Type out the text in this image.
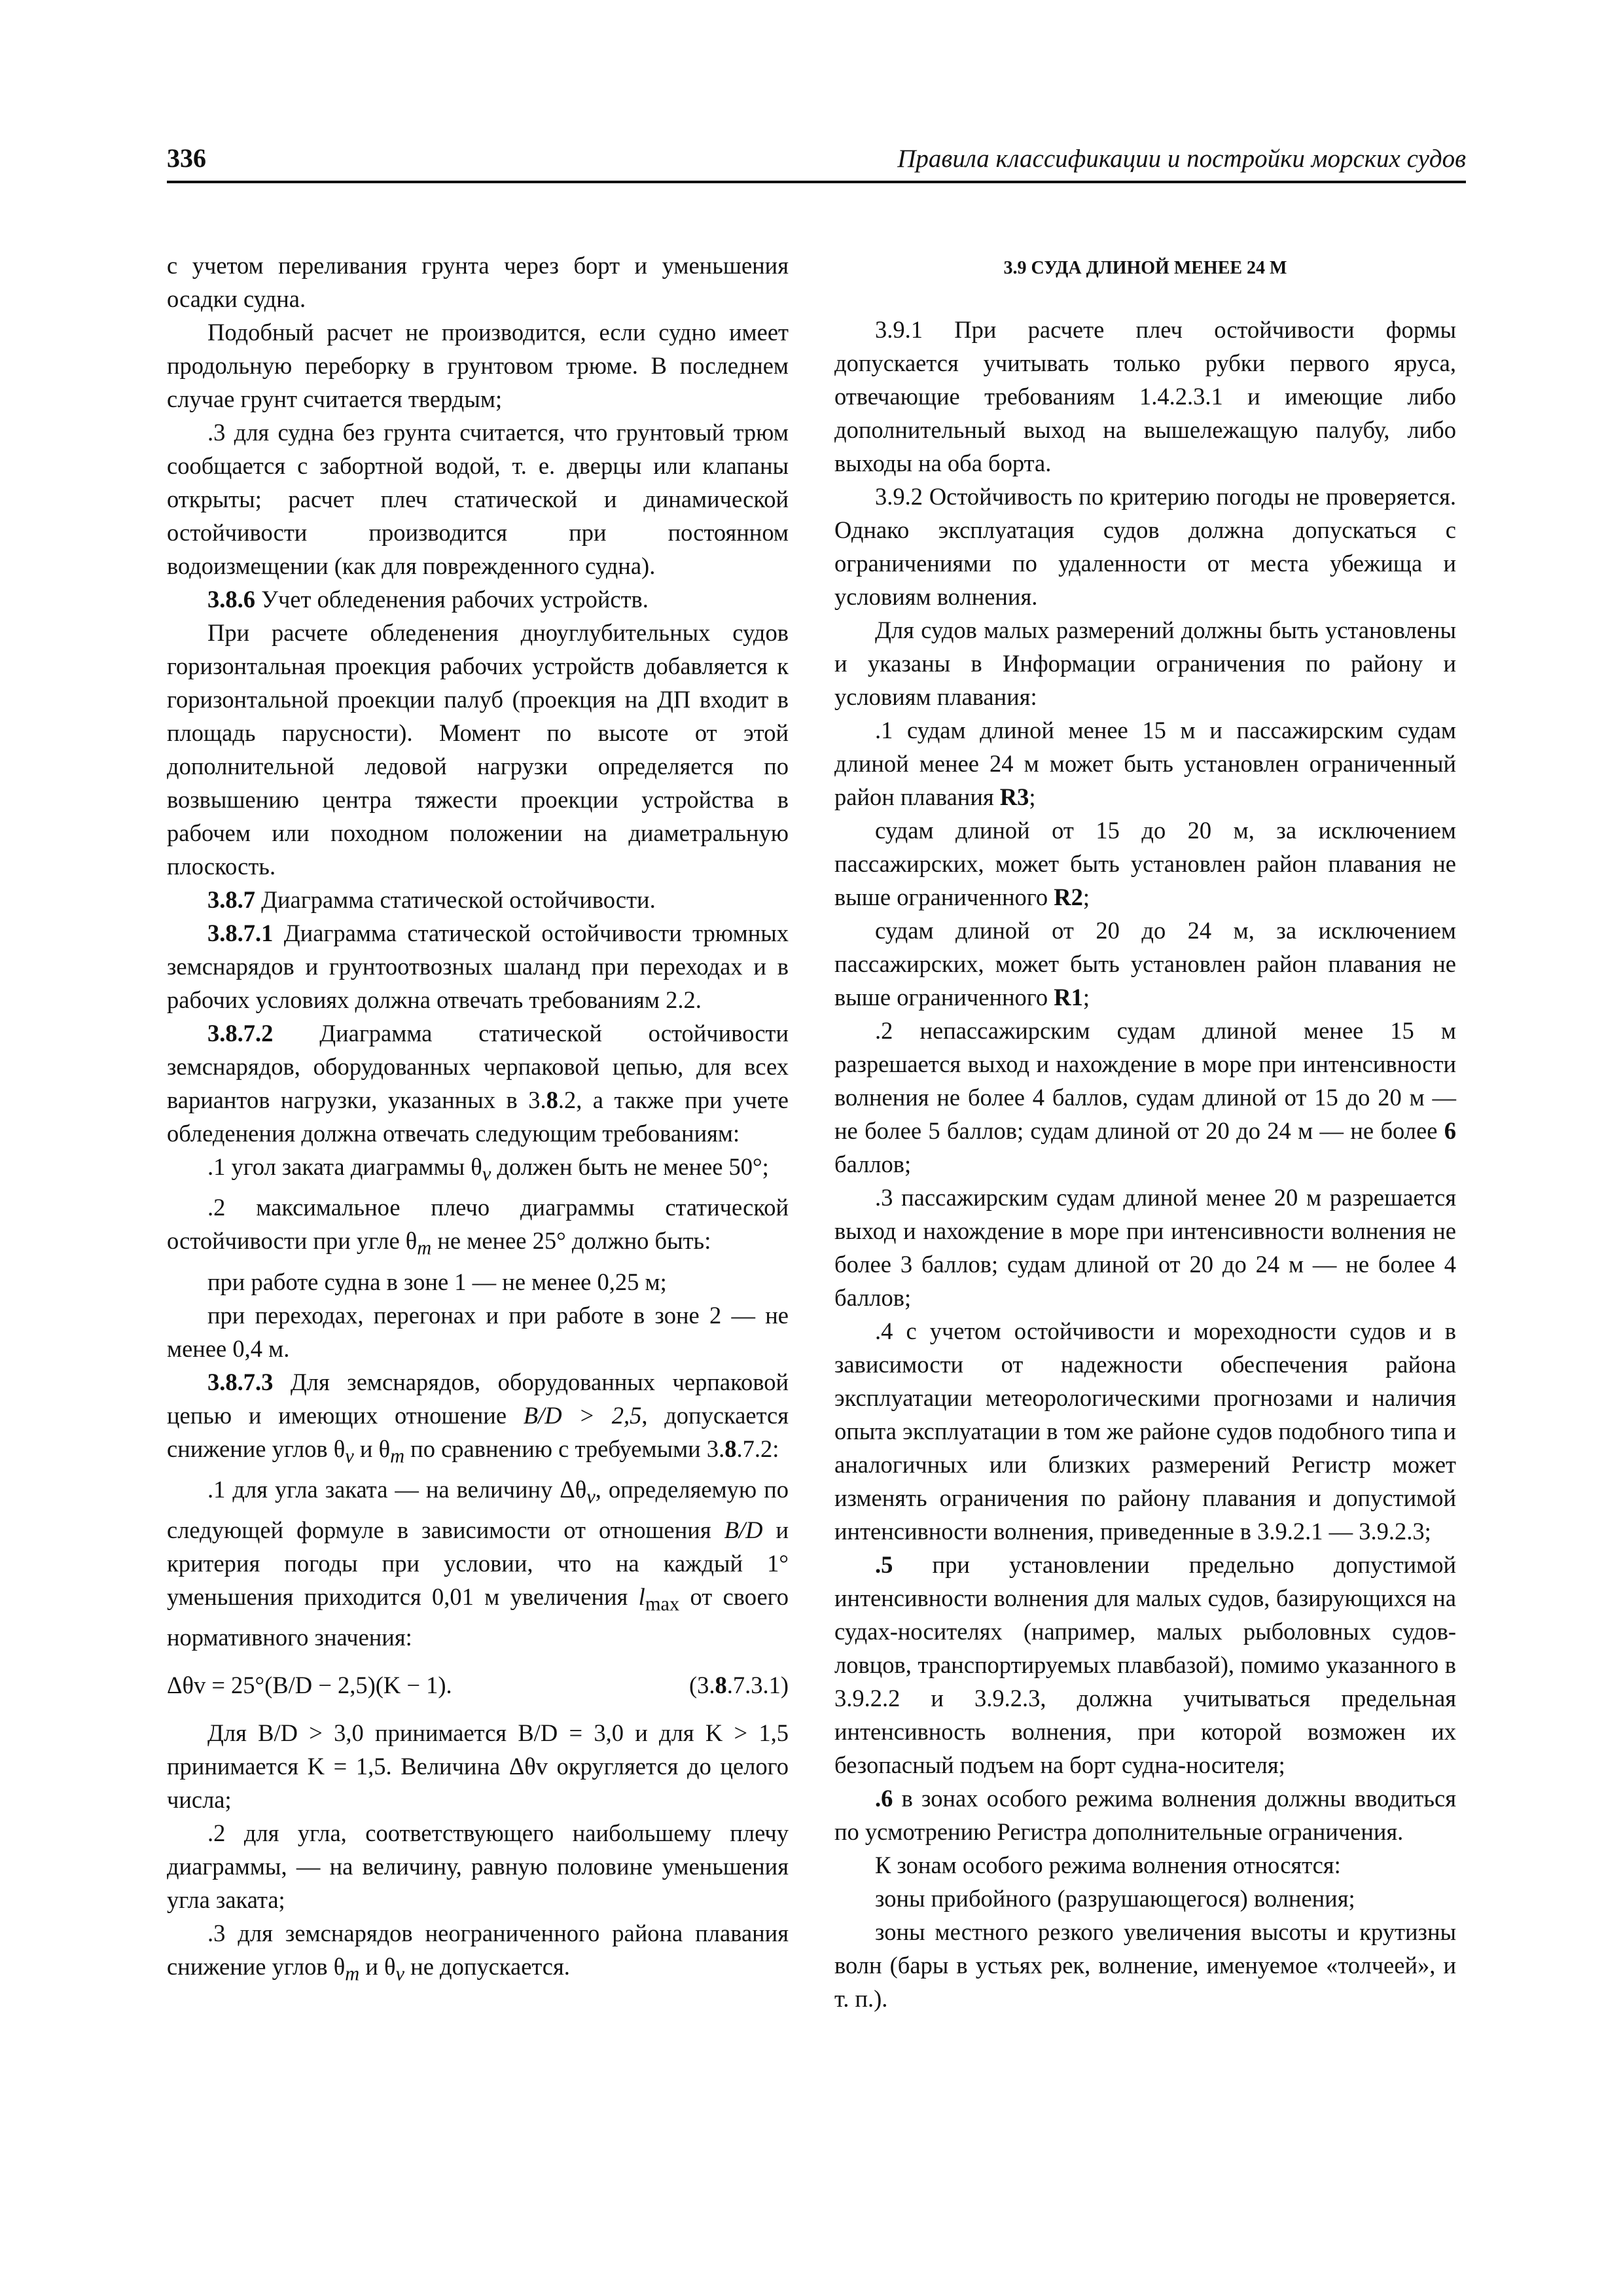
336	Правила классификации и постройки морских судов

с учетом переливания грунта через борт и уменьшения осадки судна.

Подобный расчет не производится, если судно имеет продольную переборку в грунтовом трюме. В последнем случае грунт считается твердым;

.3 для судна без грунта считается, что грунтовый трюм сообщается с забортной водой, т. е. дверцы или клапаны открыты; расчет плеч статической и динамической остойчивости производится при постоянном водоизмещении (как для поврежденного судна).

3.8.6 Учет обледенения рабочих устройств.

При расчете обледенения дноуглубительных судов горизонтальная проекция рабочих устройств добавляется к горизонтальной проекции палуб (проекция на ДП входит в площадь парусности). Момент по высоте от этой дополнительной ледовой нагрузки определяется по возвышению центра тяжести проекции устройства в рабочем или походном положении на диаметральную плоскость.

3.8.7 Диаграмма статической остойчивости.

3.8.7.1 Диаграмма статической остойчивости трюмных земснарядов и грунтоотвозных шаланд при переходах и в рабочих условиях должна отвечать требованиям 2.2.

3.8.7.2 Диаграмма статической остойчивости земснарядов, оборудованных черпаковой цепью, для всех вариантов нагрузки, указанных в 3.8.2, а также при учете обледенения должна отвечать следующим требованиям:

.1 угол заката диаграммы $\theta_v$ должен быть не менее 50°;

.2 максимальное плечо диаграммы статической остойчивости при угле $\theta_m$ не менее 25° должно быть:

при работе судна в зоне 1 — не менее 0,25 м;

при переходах, перегонах и при работе в зоне 2 — не менее 0,4 м.

3.8.7.3 Для земснарядов, оборудованных черпаковой цепью и имеющих отношение B/D > 2,5, допускается снижение углов $\theta_v$ и $\theta_m$ по сравнению с требуемыми 3.8.7.2:

.1 для угла заката — на величину $\Delta\theta_v$, определяемую по следующей формуле в зависимости от отношения B/D и критерия погоды при условии, что на каждый 1° уменьшения приходится 0,01 м увеличения $l_{max}$ от своего нормативного значения:

Δθv = 25°(B/D − 2,5)(K − 1).	(3.8.7.3.1)

Для B/D > 3,0 принимается B/D = 3,0 и для K > 1,5 принимается K = 1,5. Величина Δθv округляется до целого числа;

.2 для угла, соответствующего наибольшему плечу диаграммы, — на величину, равную половине уменьшения угла заката;

.3 для земснарядов неограниченного района плавания снижение углов $\theta_m$ и $\theta_v$ не допускается.

3.9 СУДА ДЛИНОЙ МЕНЕЕ 24 М

3.9.1 При расчете плеч остойчивости формы допускается учитывать только рубки первого яруса, отвечающие требованиям 1.4.2.3.1 и имеющие либо дополнительный выход на вышележащую палубу, либо выходы на оба борта.

3.9.2 Остойчивость по критерию погоды не проверяется. Однако эксплуатация судов должна допускаться с ограничениями по удаленности от места убежища и условиям волнения.

Для судов малых размерений должны быть установлены и указаны в Информации ограничения по району и условиям плавания:

.1 судам длиной менее 15 м и пассажирским судам длиной менее 24 м может быть установлен ограниченный район плавания R3;

судам длиной от 15 до 20 м, за исключением пассажирских, может быть установлен район плавания не выше ограниченного R2;

судам длиной от 20 до 24 м, за исключением пассажирских, может быть установлен район плавания не выше ограниченного R1;

.2 непассажирским судам длиной менее 15 м разрешается выход и нахождение в море при интенсивности волнения не более 4 баллов, судам длиной от 15 до 20 м — не более 5 баллов; судам длиной от 20 до 24 м — не более 6 баллов;

.3 пассажирским судам длиной менее 20 м разрешается выход и нахождение в море при интенсивности волнения не более 3 баллов; судам длиной от 20 до 24 м — не более 4 баллов;

.4 с учетом остойчивости и мореходности судов и в зависимости от надежности обеспечения района эксплуатации метеорологическими прогнозами и наличия опыта эксплуатации в том же районе судов подобного типа и аналогичных или близких размерений Регистр может изменять ограничения по району плавания и допустимой интенсивности волнения, приведенные в 3.9.2.1 — 3.9.2.3;

.5 при установлении предельно допустимой интенсивности волнения для малых судов, базирующихся на судах-носителях (например, малых рыболовных судов-ловцов, транспортируемых плавбазой), помимо указанного в 3.9.2.2 и 3.9.2.3, должна учитываться предельная интенсивность волнения, при которой возможен их безопасный подъем на борт судна-носителя;

.6 в зонах особого режима волнения должны вводиться по усмотрению Регистра дополнительные ограничения.

К зонам особого режима волнения относятся:

зоны прибойного (разрушающегося) волнения;

зоны местного резкого увеличения высоты и крутизны волн (бары в устьях рек, волнение, именуемое «толчеей», и т. п.).
